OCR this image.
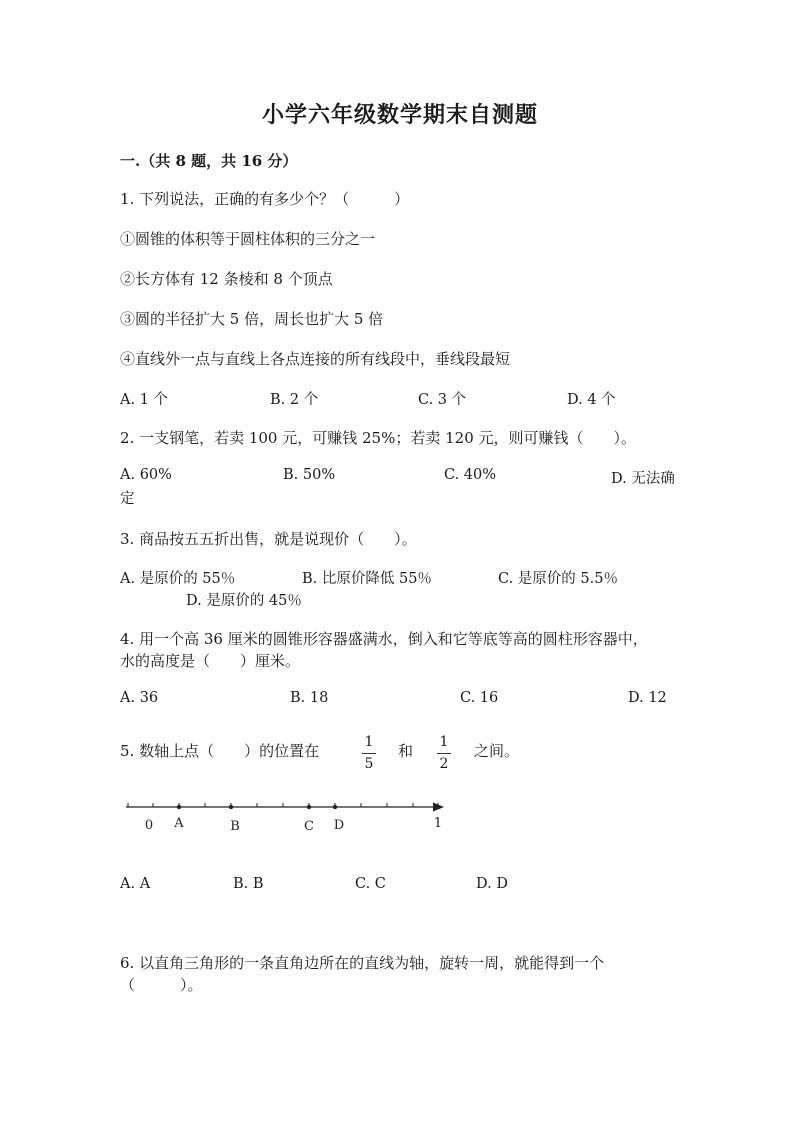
小学六年级数学期末自测题
一.（共 8 题，共 16 分）
1. 下列说法，正确的有多少个？（　　　）
①圆锥的体积等于圆柱体积的三分之一
②长方体有 12 条棱和 8 个顶点
③圆的半径扩大 5 倍，周长也扩大 5 倍
④直线外一点与直线上各点连接的所有线段中，垂线段最短
A. 1 个	B. 2 个	C. 3 个	D. 4 个
2. 一支钢笔，若卖 100 元，可赚钱 25%；若卖 120 元，则可赚钱（　　）。
A. 60%	B. 50%	C. 40%	D. 无法确
定
3. 商品按五五折出售，就是说现价（　　）。
A. 是原价的 55％	B. 比原价降低 55％	C. 是原价的 5.5％
D. 是原价的 45％
4. 用一个高 36 厘米的圆锥形容器盛满水，倒入和它等底等高的圆柱形容器中，
水的高度是（　　）厘米。
A. 36	B. 18	C. 16	D. 12
5. 数轴上点（　　）的位置在	1
5
和	1
2
之间。
0 A	B	C D	1
A. A	B. B	C. C	D. D
6. 以直角三角形的一条直角边所在的直线为轴，旋转一周，就能得到一个
（　　　）。
